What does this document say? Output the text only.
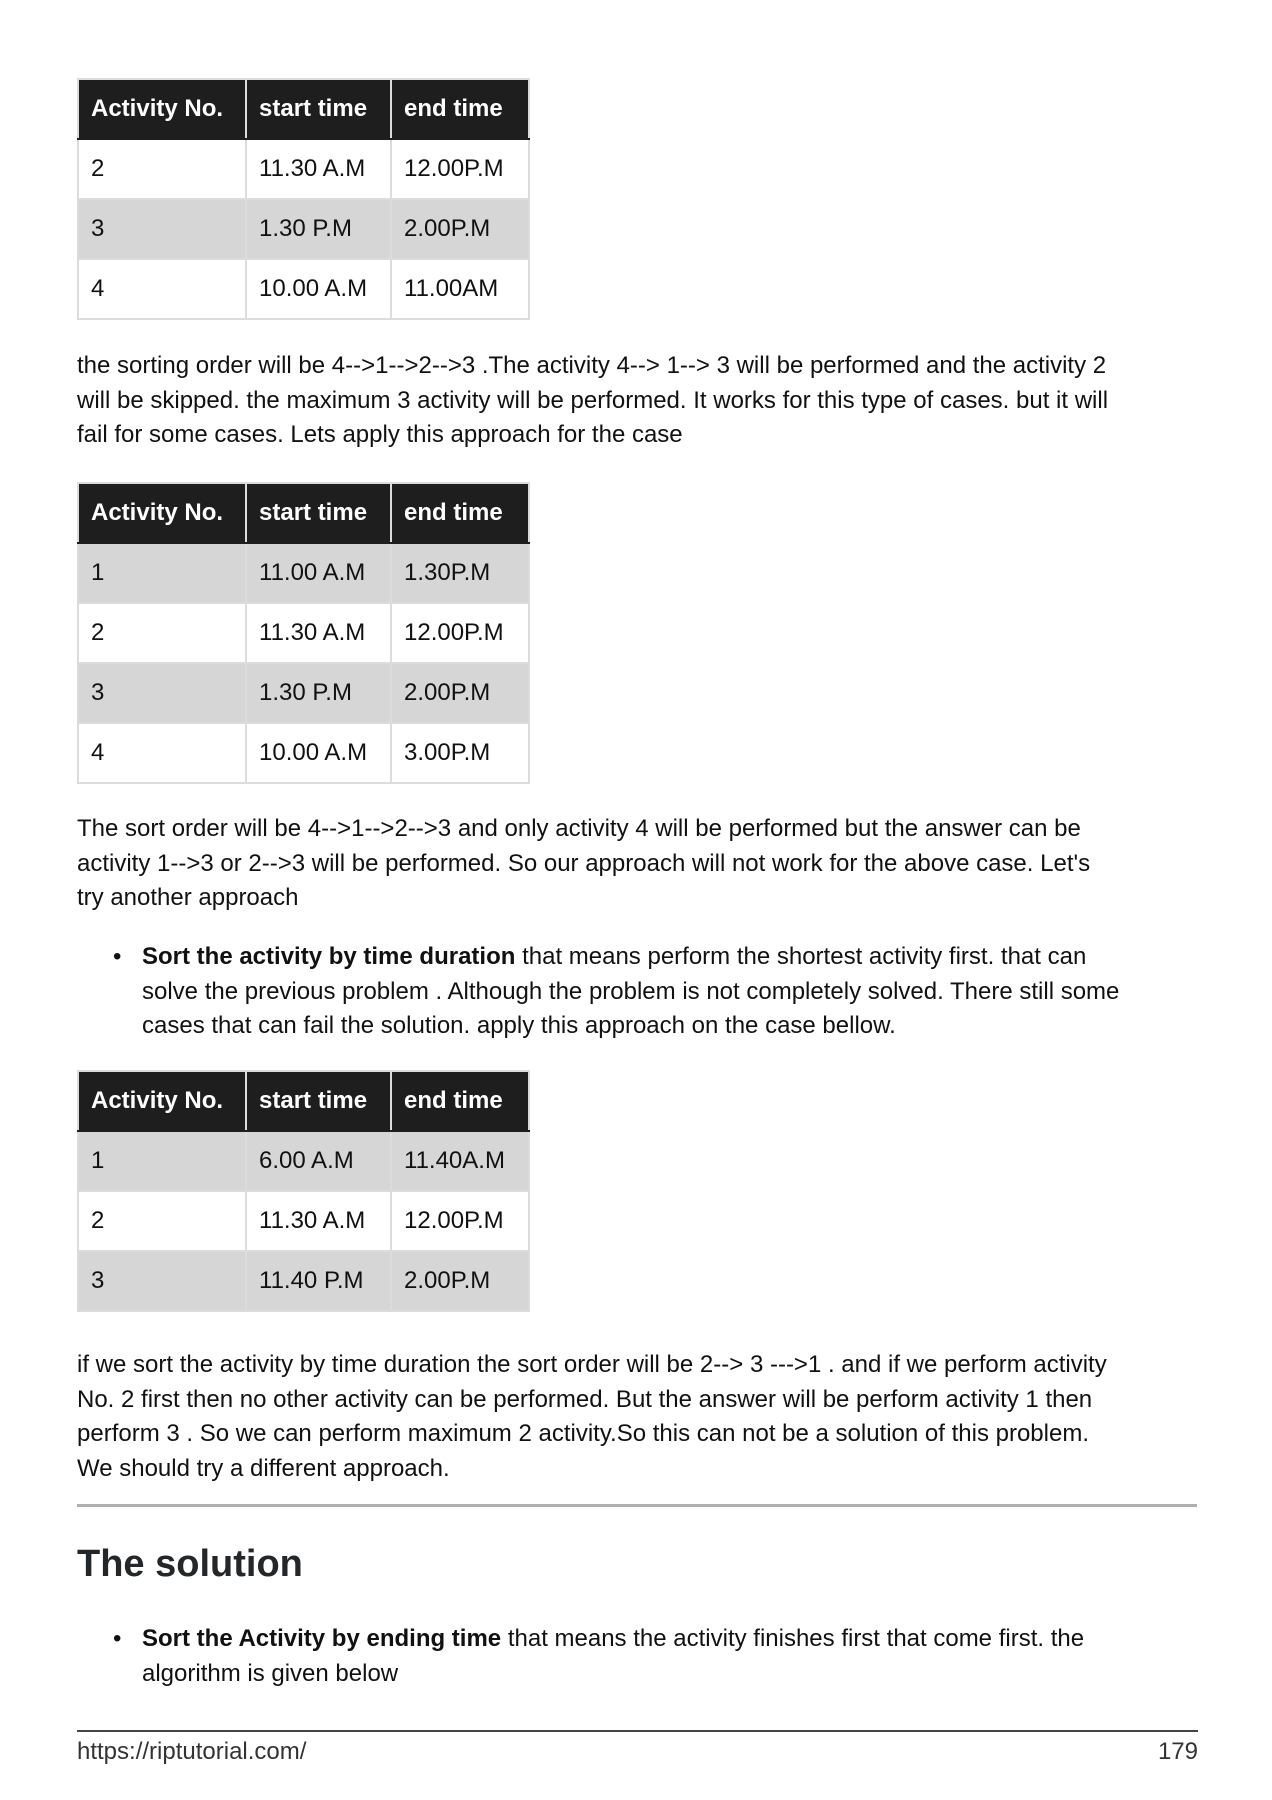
Activity No.	start time	end time
2	11.30 A.M	12.00P.M
3	1.30 P.M	2.00P.M
4	10.00 A.M	11.00AM
the sorting order will be 4-->1-->2-->3 .The activity 4--> 1--> 3 will be performed and the activity 2
will be skipped. the maximum 3 activity will be performed. It works for this type of cases. but it will
fail for some cases. Lets apply this approach for the case
Activity No.	start time	end time
1	11.00 A.M	1.30P.M
2	11.30 A.M	12.00P.M
3	1.30 P.M	2.00P.M
4	10.00 A.M	3.00P.M
The sort order will be 4-->1-->2-->3 and only activity 4 will be performed but the answer can be
activity 1-->3 or 2-->3 will be performed. So our approach will not work for the above case. Let's
try another approach
• Sort the activity by time duration that means perform the shortest activity first. that can
solve the previous problem . Although the problem is not completely solved. There still some
cases that can fail the solution. apply this approach on the case bellow.
Activity No.	start time	end time
1	6.00 A.M	11.40A.M
2	11.30 A.M	12.00P.M
3	11.40 P.M	2.00P.M
if we sort the activity by time duration the sort order will be 2--> 3 --->1 . and if we perform activity
No. 2 first then no other activity can be performed. But the answer will be perform activity 1 then
perform 3 . So we can perform maximum 2 activity.So this can not be a solution of this problem.
We should try a different approach.
The solution
• Sort the Activity by ending time that means the activity finishes first that come first. the
algorithm is given below
https://riptutorial.com/	179
